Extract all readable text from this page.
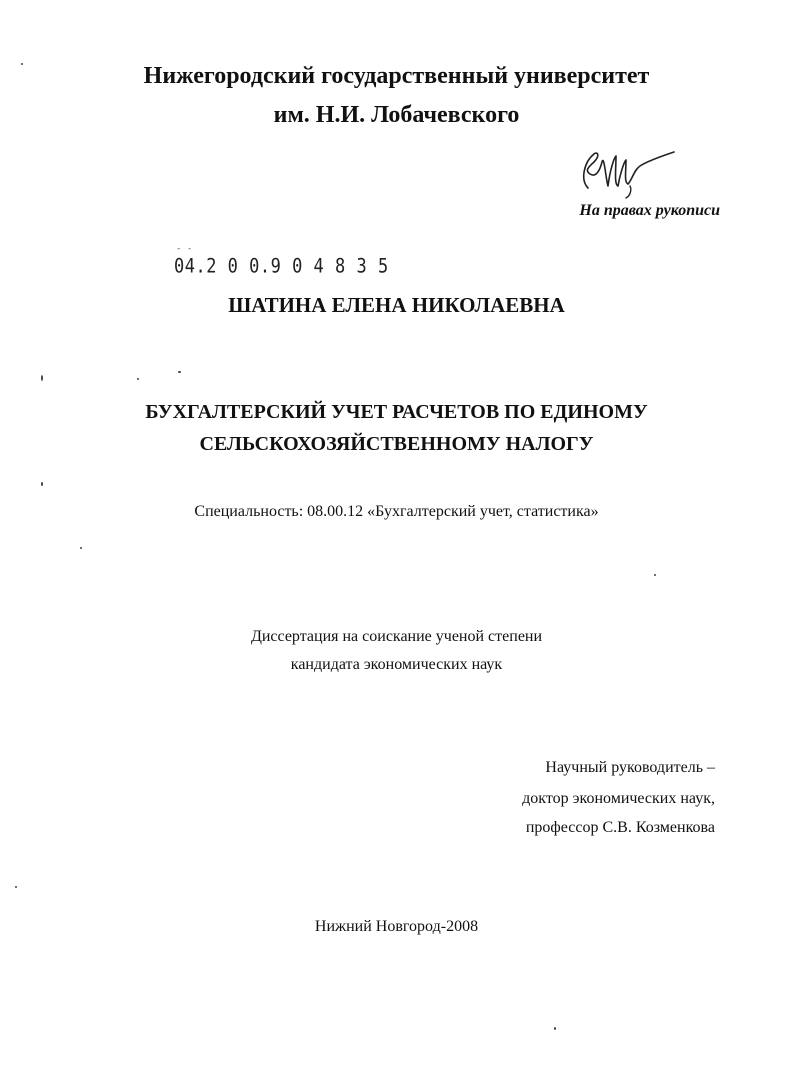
Нижегородский государственный университет
им. Н.И. Лобачевского
На правах рукописи
- -
04.2 0 0.9 0 4 8 3 5
ШАТИНА ЕЛЕНА НИКОЛАЕВНА
БУХГАЛТЕРСКИЙ УЧЕТ РАСЧЕТОВ ПО ЕДИНОМУ
СЕЛЬСКОХОЗЯЙСТВЕННОМУ НАЛОГУ
Специальность: 08.00.12 «Бухгалтерский учет, статистика»
Диссертация на соискание ученой степени
кандидата экономических наук
Научный руководитель –
доктор экономических наук,
профессор С.В. Козменкова
Нижний Новгород-2008
